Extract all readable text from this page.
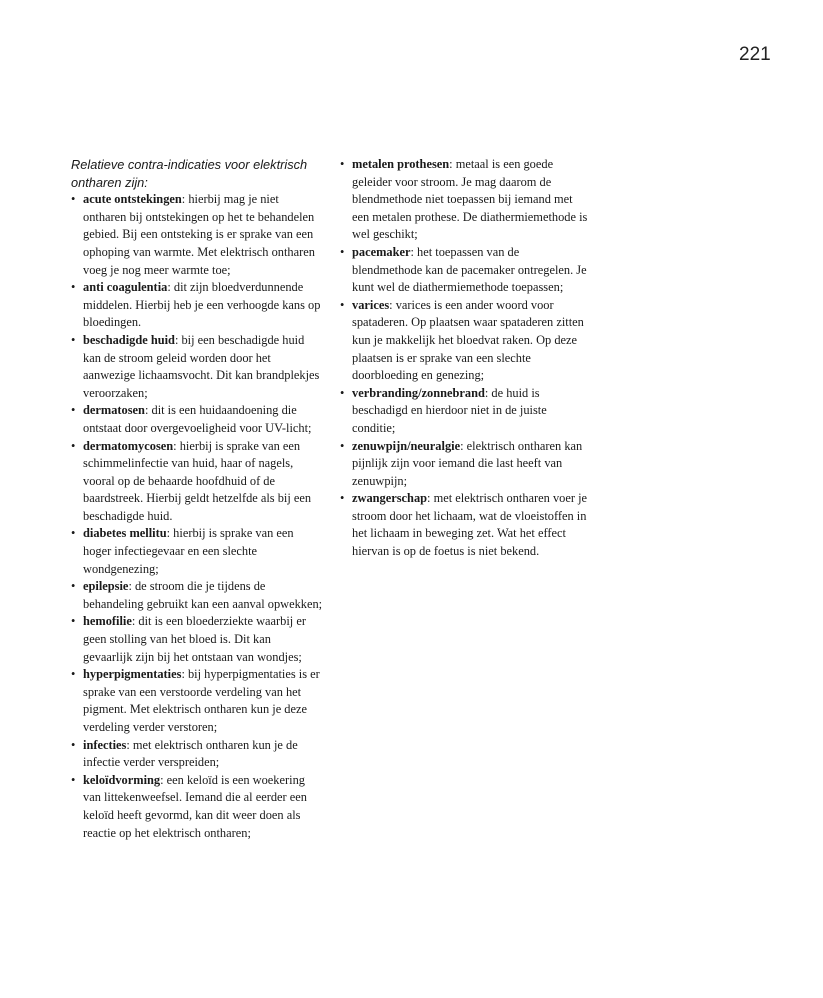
221

Relatieve contra-indicaties voor elektrisch ontharen zijn:

• acute ontstekingen: hierbij mag je niet ontharen bij ontstekingen op het te behandelen gebied. Bij een ontsteking is er sprake van een ophoping van warmte. Met elektrisch ontharen voeg je nog meer warmte toe;
• anti coagulentia: dit zijn bloedverdunnende middelen. Hierbij heb je een verhoogde kans op bloedingen.
• beschadigde huid: bij een beschadigde huid kan de stroom geleid worden door het aanwezige lichaamsvocht. Dit kan brandplekjes veroorzaken;
• dermatosen: dit is een huidaandoening die ontstaat door overgevoeligheid voor UV-licht;
• dermatomycosen: hierbij is sprake van een schimmelinfectie van huid, haar of nagels, vooral op de behaarde hoofdhuid of de baardstreek. Hierbij geldt hetzelfde als bij een beschadigde huid.
• diabetes mellitu: hierbij is sprake van een hoger infectiegevaar en een slechte wondgenezing;
• epilepsie: de stroom die je tijdens de behandeling gebruikt kan een aanval opwekken;
• hemofilie: dit is een bloederziekte waarbij er geen stolling van het bloed is. Dit kan gevaarlijk zijn bij het ontstaan van wondjes;
• hyperpigmentaties: bij hyperpigmentaties is er sprake van een verstoorde verdeling van het pigment. Met elektrisch ontharen kun je deze verdeling verder verstoren;
• infecties: met elektrisch ontharen kun je de infectie verder verspreiden;
• keloïdvorming: een keloïd is een woekering van littekenweefsel. Iemand die al eerder een keloïd heeft gevormd, kan dit weer doen als reactie op het elektrisch ontharen;
• metalen prothesen: metaal is een goede geleider voor stroom. Je mag daarom de blendmethode niet toepassen bij iemand met een metalen prothese. De diathermiemethode is wel geschikt;
• pacemaker: het toepassen van de blendmethode kan de pacemaker ontregelen. Je kunt wel de diathermiemethode toepassen;
• varices: varices is een ander woord voor spataderen. Op plaatsen waar spataderen zitten kun je makkelijk het bloedvat raken. Op deze plaatsen is er sprake van een slechte doorbloeding en genezing;
• verbranding/zonnebrand: de huid is beschadigd en hierdoor niet in de juiste conditie;
• zenuwpijn/neuralgie: elektrisch ontharen kan pijnlijk zijn voor iemand die last heeft van zenuwpijn;
• zwangerschap: met elektrisch ontharen voer je stroom door het lichaam, wat de vloeistoffen in het lichaam in beweging zet. Wat het effect hiervan is op de foetus is niet bekend.
